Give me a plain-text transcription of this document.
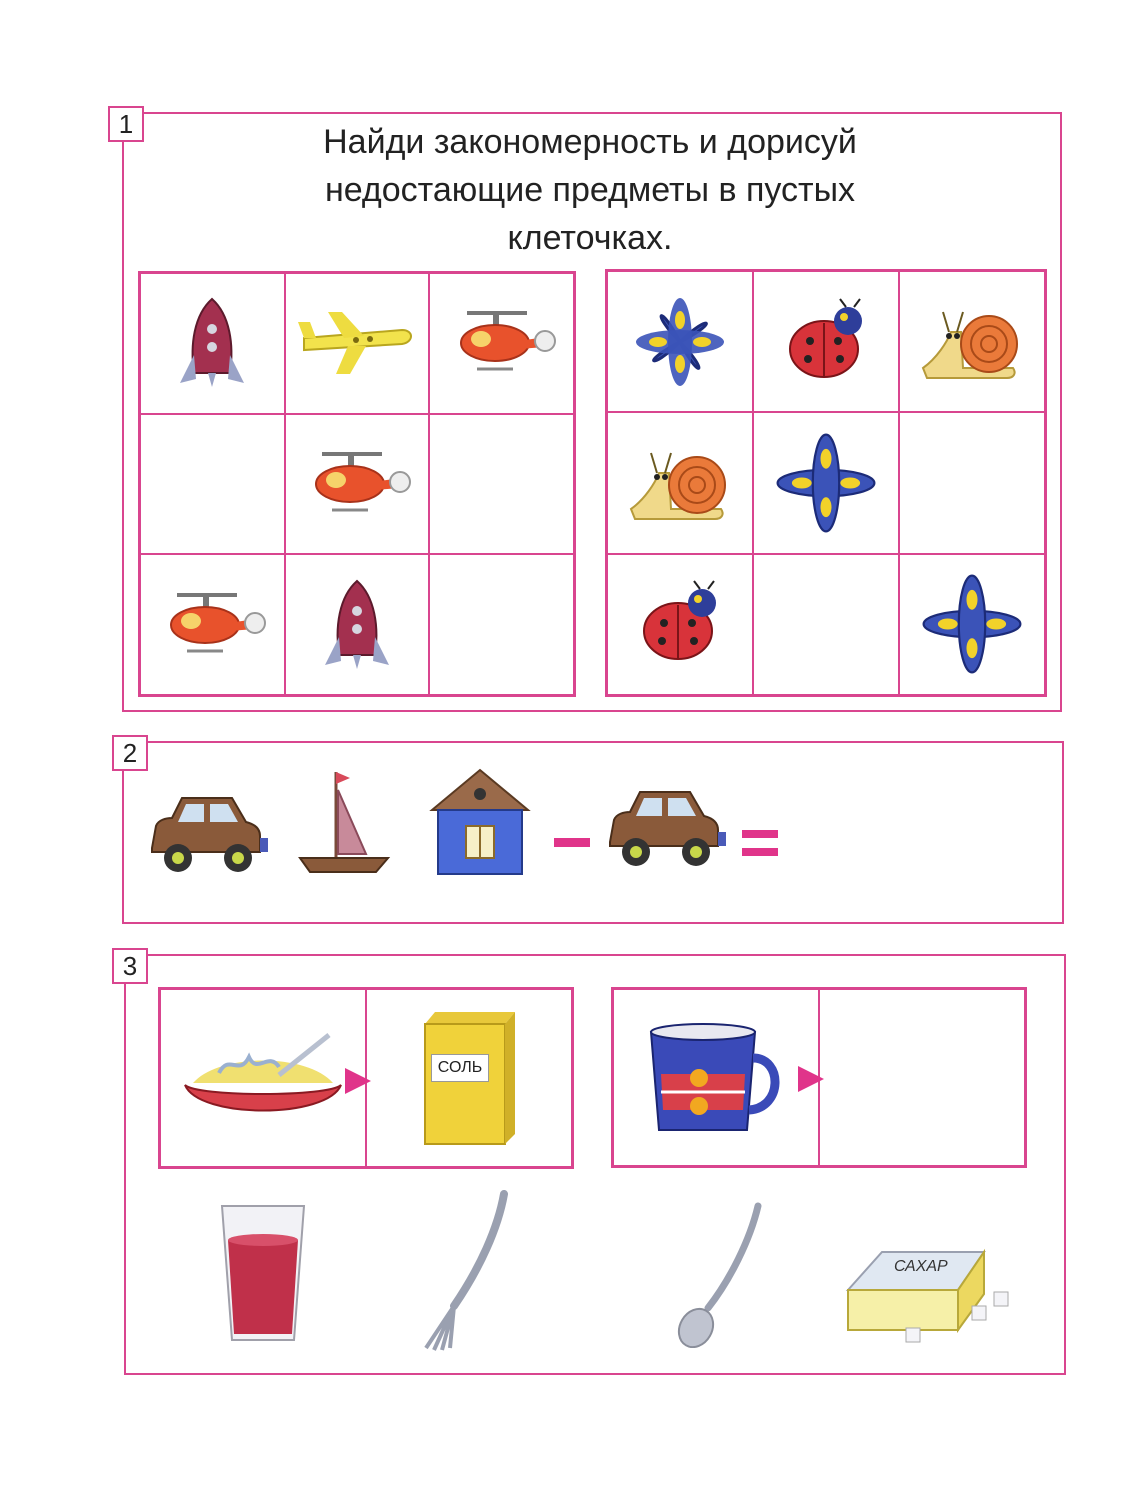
1	Найди закономерность и дорисуй
недостающие предметы в пустых
клеточках.
2
3
СОЛЬ
САХАР
